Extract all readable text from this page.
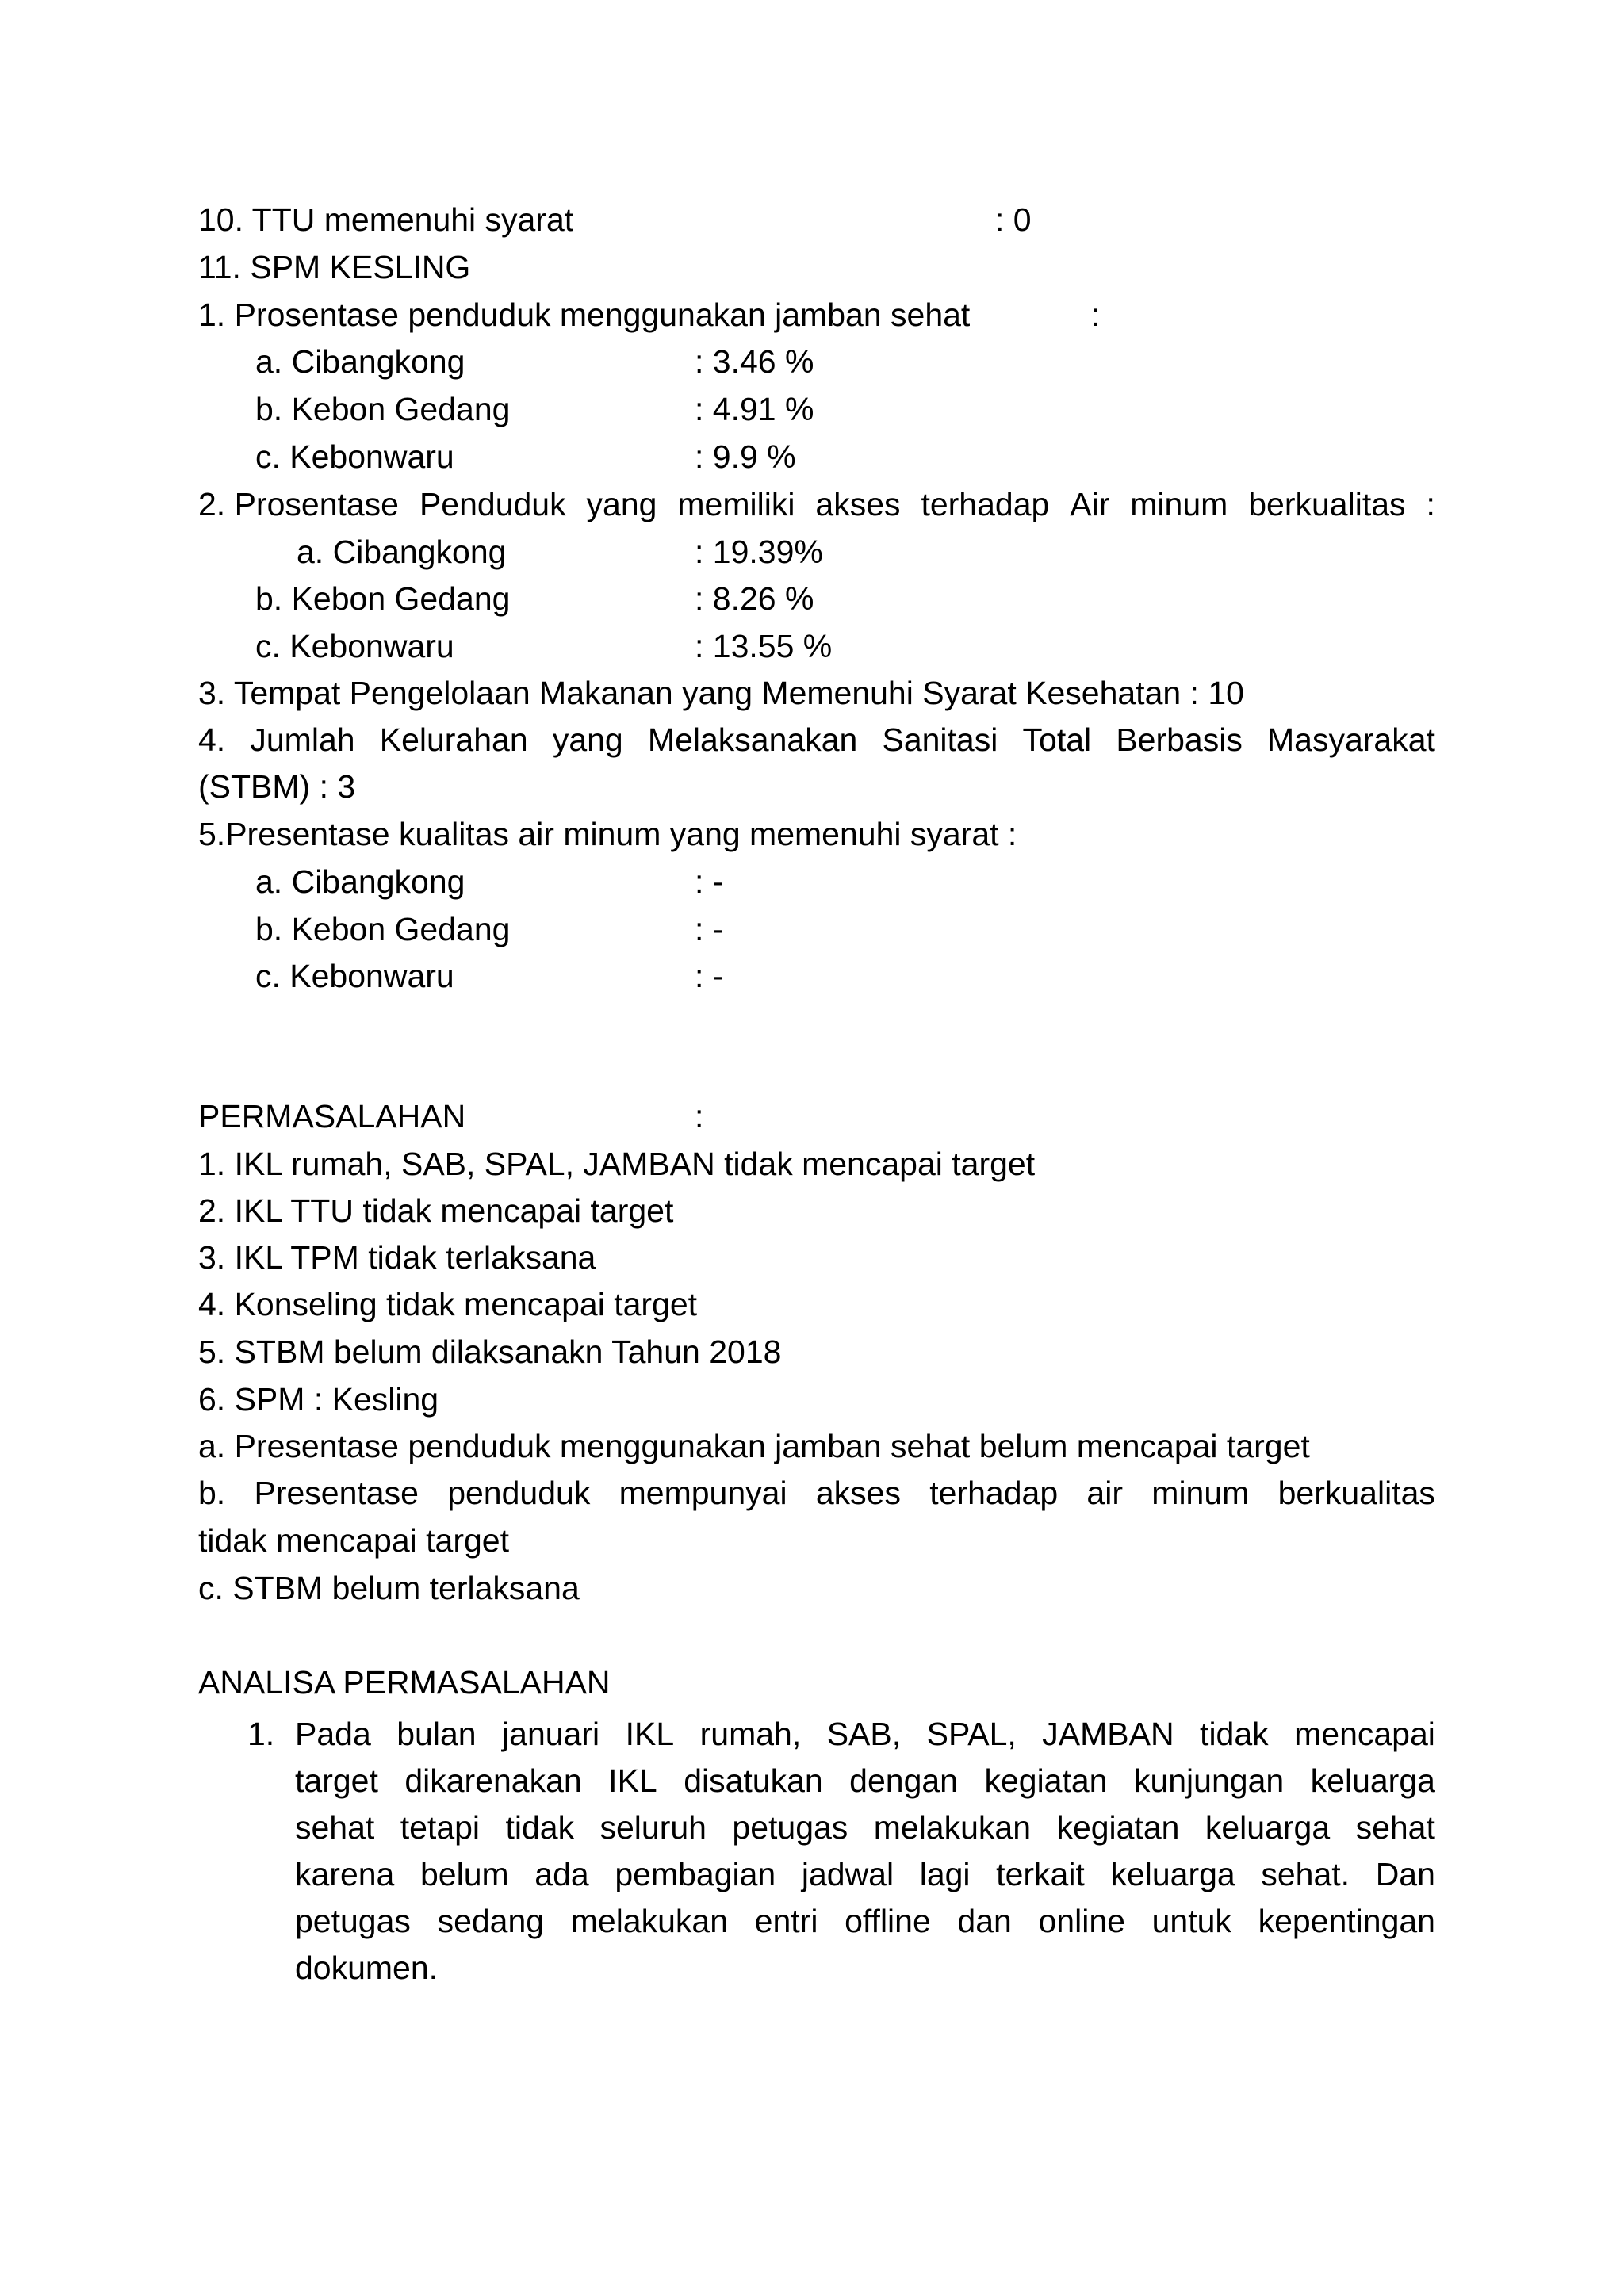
10. TTU memenuhi syarat	: 0
11. SPM KESLING
1. Prosentase penduduk menggunakan jamban sehat	:
a. Cibangkong	: 3.46 %
b. Kebon Gedang	: 4.91 %
c. Kebonwaru	: 9.9 %
2. Prosentase Penduduk yang memiliki akses terhadap Air minum berkualitas :
a. Cibangkong	: 19.39%
b. Kebon Gedang	: 8.26 %
c. Kebonwaru	: 13.55 %
3. Tempat Pengelolaan Makanan yang Memenuhi Syarat Kesehatan : 10
4. Jumlah Kelurahan yang Melaksanakan Sanitasi Total Berbasis Masyarakat
(STBM) : 3
5.Presentase kualitas air minum yang memenuhi syarat :
a. Cibangkong	: -
b. Kebon Gedang	: -
c. Kebonwaru	: -
PERMASALAHAN	:
1. IKL rumah, SAB, SPAL, JAMBAN tidak mencapai target
2. IKL TTU tidak mencapai target
3. IKL TPM tidak terlaksana
4. Konseling tidak mencapai target
5. STBM belum dilaksanakn Tahun 2018
6. SPM : Kesling
a. Presentase penduduk menggunakan jamban sehat belum mencapai target
b. Presentase penduduk mempunyai akses terhadap air minum berkualitas
tidak mencapai target
c. STBM belum terlaksana
ANALISA PERMASALAHAN
1. Pada bulan januari IKL rumah, SAB, SPAL, JAMBAN tidak mencapai
target dikarenakan IKL disatukan dengan kegiatan kunjungan keluarga
sehat tetapi tidak seluruh petugas melakukan kegiatan keluarga sehat
karena belum ada pembagian jadwal lagi terkait keluarga sehat. Dan
petugas sedang melakukan entri offline dan online untuk kepentingan
dokumen.
